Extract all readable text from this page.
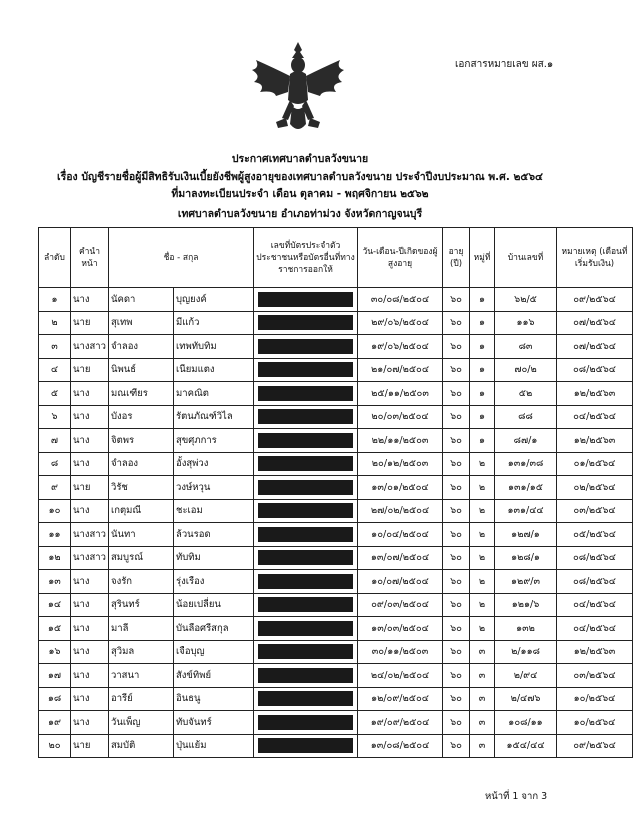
เอกสารหมายเลข ผส.๑
ประกาศเทศบาลตำบลวังขนาย
เรื่อง บัญชีรายชื่อผู้มีสิทธิรับเงินเบี้ยยังชีพผู้สูงอายุของเทศบาลตำบลวังขนาย ประจำปีงบประมาณ พ.ศ. ๒๕๖๔
ที่มาลงทะเบียนประจำ เดือน ตุลาคม - พฤศจิกายน ๒๕๖๒
เทศบาลตำบลวังขนาย อำเภอท่าม่วง จังหวัดกาญจนบุรี
ลำดับ	คำนำหน้า	ชื่อ - สกุล		เลขที่บัตรประจำตัวประชาชนหรือบัตรอื่นที่ทางราชการออกให้	วัน-เดือน-ปีเกิดของผู้สูงอายุ	อายุ (ปี)	หมู่ที่	บ้านเลขที่	หมายเหตุ (เดือนที่เริ่มรับเงิน)
๑	นาง	นัคดา	บุญยงค์		๓๐/๐๘/๒๕๐๔	๖๐	๑	๖๒/๕	๐๙/๒๕๖๔
๒	นาย	สุเทพ	มีแก้ว		๒๙/๐๖/๒๕๐๔	๖๐	๑	๑๑๖	๐๗/๒๕๖๔
๓	นางสาว	จำลอง	เทพทับทิม		๑๙/๐๖/๒๕๐๔	๖๐	๑	๘๓	๐๗/๒๕๖๔
๔	นาย	นิพนธ์	เนียมแตง		๒๑/๐๗/๒๕๐๔	๖๐	๑	๗๐/๒	๐๘/๒๕๖๔
๕	นาง	มณเฑียร	มาคณิต		๒๕/๑๑/๒๕๐๓	๖๐	๑	๕๒	๑๒/๒๕๖๓
๖	นาง	บังอร	รัตนภัณฑ์วิไล		๒๐/๐๓/๒๕๐๔	๖๐	๑	๘๘	๐๔/๒๕๖๔
๗	นาง	จิตพร	สุขศุภการ		๒๒/๑๑/๒๕๐๓	๖๐	๑	๘๗/๑	๑๒/๒๕๖๓
๘	นาง	จำลอง	อั้งสุพ่วง		๒๐/๑๒/๒๕๐๓	๖๐	๒	๑๓๑/๓๘	๐๑/๒๕๖๔
๙	นาย	วิรัช	วงษ์หวุน		๑๓/๐๑/๒๕๐๔	๖๐	๒	๑๓๑/๑๕	๐๒/๒๕๖๔
๑๐	นาง	เกตุมณี	ชะเอม		๒๗/๐๒/๒๕๐๔	๖๐	๒	๑๓๑/๔๔	๐๓/๒๕๖๔
๑๑	นางสาว	นันทา	ล้วนรอด		๑๐/๐๔/๒๕๐๔	๖๐	๒	๑๒๗/๑	๐๕/๒๕๖๔
๑๒	นางสาว	สมบูรณ์	ทับทิม		๑๓/๐๗/๒๕๐๔	๖๐	๒	๑๒๘/๑	๐๘/๒๕๖๔
๑๓	นาง	จงรัก	รุ่งเรือง		๑๐/๐๗/๒๕๐๔	๖๐	๒	๑๒๙/๓	๐๘/๒๕๖๔
๑๔	นาง	สุรินทร์	น้อยเปลี่ยน		๐๙/๐๓/๒๕๐๔	๖๐	๒	๑๒๑/๖	๐๔/๒๕๖๔
๑๕	นาง	มาลี	บันลือศรีสกุล		๑๓/๐๓/๒๕๐๔	๖๐	๒	๑๓๒	๐๔/๒๕๖๔
๑๖	นาง	สุวิมล	เจือบุญ		๓๐/๑๑/๒๕๐๓	๖๐	๓	๒/๑๑๘	๑๒/๒๕๖๓
๑๗	นาง	วาสนา	สังข์ทิพย์		๒๔/๐๒/๒๕๐๔	๖๐	๓	๒/๙๔	๐๓/๒๕๖๔
๑๘	นาง	อารีย์	อินธนู		๑๒/๐๙/๒๕๐๔	๖๐	๓	๒/๔๗๖	๑๐/๒๕๖๔
๑๙	นาง	วันเพ็ญ	ทับจันทร์		๑๙/๐๙/๒๕๐๔	๖๐	๓	๑๐๘/๑๑	๑๐/๒๕๖๔
๒๐	นาย	สมบัติ	ปุ่นแย้ม		๑๓/๐๘/๒๕๐๔	๖๐	๓	๑๕๔/๔๔	๐๙/๒๕๖๔
หน้าที่ 1 จาก 3
